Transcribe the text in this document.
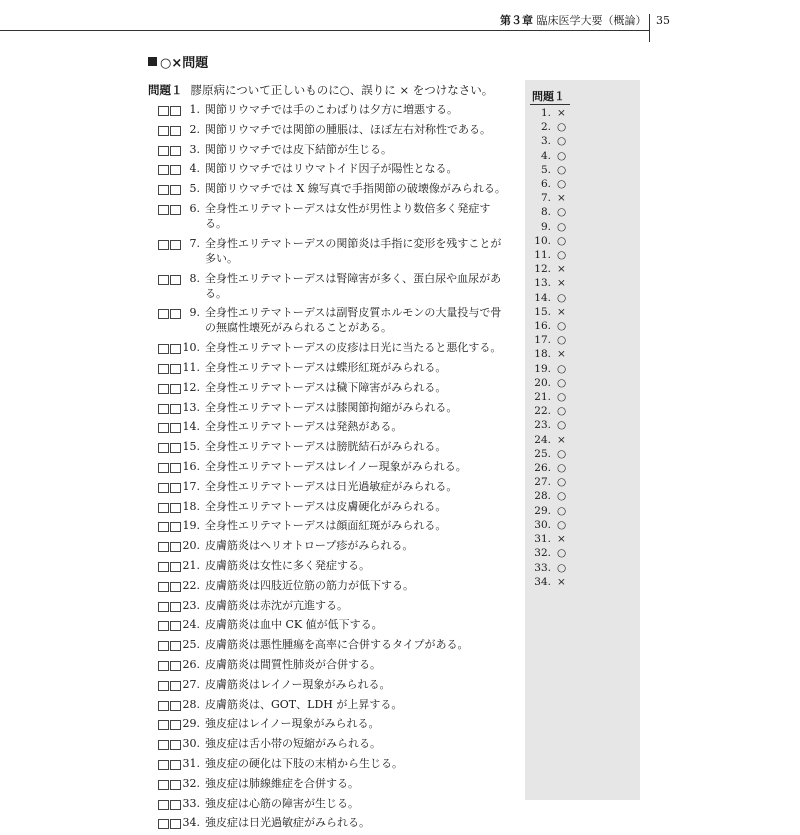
第３章 臨床医学大要（概論） 35
○×問題
問題１ 膠原病について正しいものに○、誤りに × をつけなさい。
1. 関節リウマチでは手のこわばりは夕方に増悪する。
2. 関節リウマチでは関節の腫脹は、ほぼ左右対称性である。
3. 関節リウマチでは皮下結節が生じる。
4. 関節リウマチではリウマトイド因子が陽性となる。
5. 関節リウマチでは X 線写真で手指関節の破壊像がみられる。
6. 全身性エリテマトーデスは女性が男性より数倍多く発症する。
7. 全身性エリテマトーデスの関節炎は手指に変形を残すことが多い。
8. 全身性エリテマトーデスは腎障害が多く、蛋白尿や血尿がある。
9. 全身性エリテマトーデスは副腎皮質ホルモンの大量投与で骨の無腐性壊死がみられることがある。
10. 全身性エリテマトーデスの皮疹は日光に当たると悪化する。
11. 全身性エリテマトーデスは蝶形紅斑がみられる。
12. 全身性エリテマトーデスは穢下障害がみられる。
13. 全身性エリテマトーデスは膝関節拘縮がみられる。
14. 全身性エリテマトーデスは発熱がある。
15. 全身性エリテマトーデスは膀胱結石がみられる。
16. 全身性エリテマトーデスはレイノー現象がみられる。
17. 全身性エリテマトーデスは日光過敏症がみられる。
18. 全身性エリテマトーデスは皮膚硬化がみられる。
19. 全身性エリテマトーデスは顔面紅斑がみられる。
20. 皮膚筋炎はヘリオトロープ疹がみられる。
21. 皮膚筋炎は女性に多く発症する。
22. 皮膚筋炎は四肢近位筋の筋力が低下する。
23. 皮膚筋炎は赤沈が亢進する。
24. 皮膚筋炎は血中 CK 値が低下する。
25. 皮膚筋炎は悪性腫瘍を高率に合併するタイプがある。
26. 皮膚筋炎は間質性肺炎が合併する。
27. 皮膚筋炎はレイノー現象がみられる。
28. 皮膚筋炎は、GOT、LDH が上昇する。
29. 強皮症はレイノー現象がみられる。
30. 強皮症は舌小帯の短縮がみられる。
31. 強皮症の硬化は下肢の末梢から生じる。
32. 強皮症は肺線維症を合併する。
33. 強皮症は心筋の障害が生じる。
34. 強皮症は日光過敏症がみられる。
問題１
1. ×
2. ○
3. ○
4. ○
5. ○
6. ○
7. ×
8. ○
9. ○
10. ○
11. ○
12. ×
13. ×
14. ○
15. ×
16. ○
17. ○
18. ×
19. ○
20. ○
21. ○
22. ○
23. ○
24. ×
25. ○
26. ○
27. ○
28. ○
29. ○
30. ○
31. ×
32. ○
33. ○
34. ×
